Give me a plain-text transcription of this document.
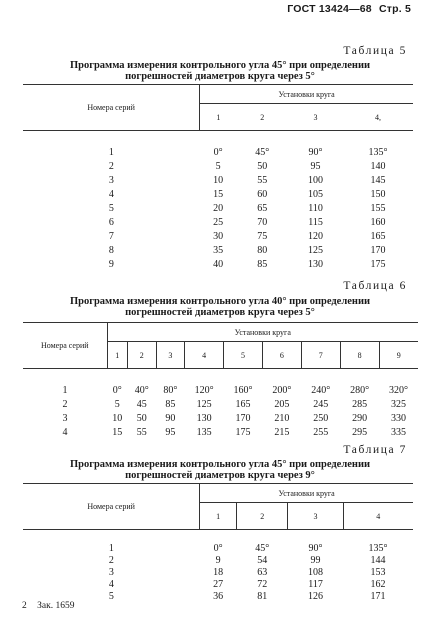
ГОСТ 13424—68 Стр. 5
Таблица 5
Программа измерения контрольного угла 45° при определении
погрешностей диаметров круга через 5°
Номера серий	Установки круга			
	1	2	3	4,

1	0°	45°	90°	135°
2	5	50	95	140
3	10	55	100	145
4	15	60	105	150
5	20	65	110	155
6	25	70	115	160
7	30	75	120	165
8	35	80	125	170
9	40	85	130	175
Таблица 6
Программа измерения контрольного угла 40° при определении
погрешностей диаметров круга через 5°
Номера серий	Установки круга								
	1	2	3	4	5	6	7	8	9

1	0°	40°	80°	120°	160°	200°	240°	280°	320°
2	5	45	85	125	165	205	245	285	325
3	10	50	90	130	170	210	250	290	330
4	15	55	95	135	175	215	255	295	335
Таблица 7
Программа измерения контрольного угла 45° при определении
погрешностей диаметров круга через 9°
Номера серий	Установки круга			
	1	2	3	4

1	0°	45°	90°	135°
2	9	54	99	144
3	18	63	108	153
4	27	72	117	162
5	36	81	126	171
2 Зак. 1659
